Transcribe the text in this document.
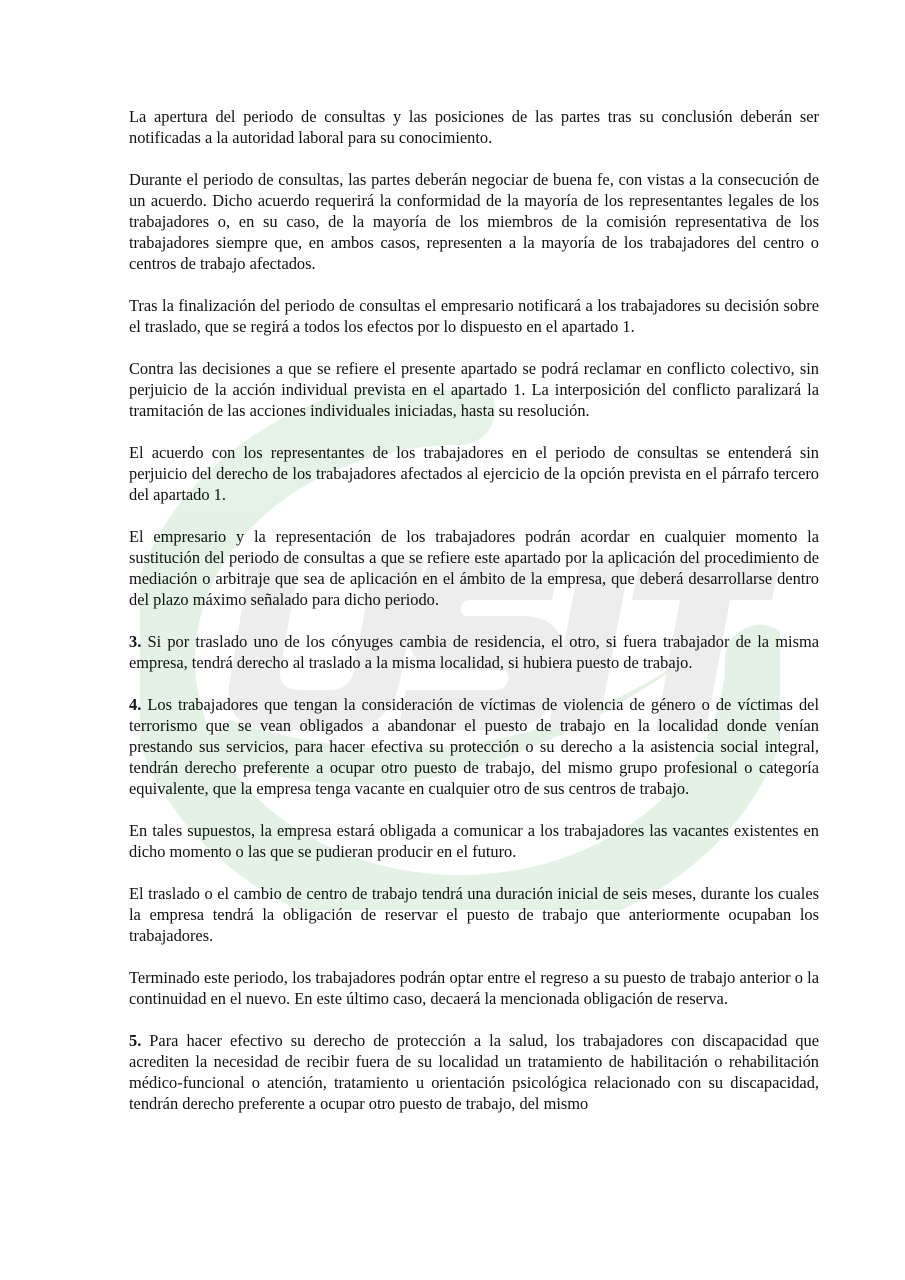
La apertura del periodo de consultas y las posiciones de las partes tras su conclusión deberán ser notificadas a la autoridad laboral para su conocimiento.

Durante el periodo de consultas, las partes deberán negociar de buena fe, con vistas a la consecución de un acuerdo. Dicho acuerdo requerirá la conformidad de la mayoría de los representantes legales de los trabajadores o, en su caso, de la mayoría de los miembros de la comisión representativa de los trabajadores siempre que, en ambos casos, representen a la mayoría de los trabajadores del centro o centros de trabajo afectados.

Tras la finalización del periodo de consultas el empresario notificará a los trabajadores su decisión sobre el traslado, que se regirá a todos los efectos por lo dispuesto en el apartado 1.

Contra las decisiones a que se refiere el presente apartado se podrá reclamar en conflicto colectivo, sin perjuicio de la acción individual prevista en el apartado 1. La interposición del conflicto paralizará la tramitación de las acciones individuales iniciadas, hasta su resolución.

El acuerdo con los representantes de los trabajadores en el periodo de consultas se entenderá sin perjuicio del derecho de los trabajadores afectados al ejercicio de la opción prevista en el párrafo tercero del apartado 1.

El empresario y la representación de los trabajadores podrán acordar en cualquier momento la sustitución del periodo de consultas a que se refiere este apartado por la aplicación del procedimiento de mediación o arbitraje que sea de aplicación en el ámbito de la empresa, que deberá desarrollarse dentro del plazo máximo señalado para dicho periodo.

3. Si por traslado uno de los cónyuges cambia de residencia, el otro, si fuera trabajador de la misma empresa, tendrá derecho al traslado a la misma localidad, si hubiera puesto de trabajo.

4. Los trabajadores que tengan la consideración de víctimas de violencia de género o de víctimas del terrorismo que se vean obligados a abandonar el puesto de trabajo en la localidad donde venían prestando sus servicios, para hacer efectiva su protección o su derecho a la asistencia social integral, tendrán derecho preferente a ocupar otro puesto de trabajo, del mismo grupo profesional o categoría equivalente, que la empresa tenga vacante en cualquier otro de sus centros de trabajo.

En tales supuestos, la empresa estará obligada a comunicar a los trabajadores las vacantes existentes en dicho momento o las que se pudieran producir en el futuro.

El traslado o el cambio de centro de trabajo tendrá una duración inicial de seis meses, durante los cuales la empresa tendrá la obligación de reservar el puesto de trabajo que anteriormente ocupaban los trabajadores.

Terminado este periodo, los trabajadores podrán optar entre el regreso a su puesto de trabajo anterior o la continuidad en el nuevo. En este último caso, decaerá la mencionada obligación de reserva.

5. Para hacer efectivo su derecho de protección a la salud, los trabajadores con discapacidad que acrediten la necesidad de recibir fuera de su localidad un tratamiento de habilitación o rehabilitación médico-funcional o atención, tratamiento u orientación psicológica relacionado con su discapacidad, tendrán derecho preferente a ocupar otro puesto de trabajo, del mismo
